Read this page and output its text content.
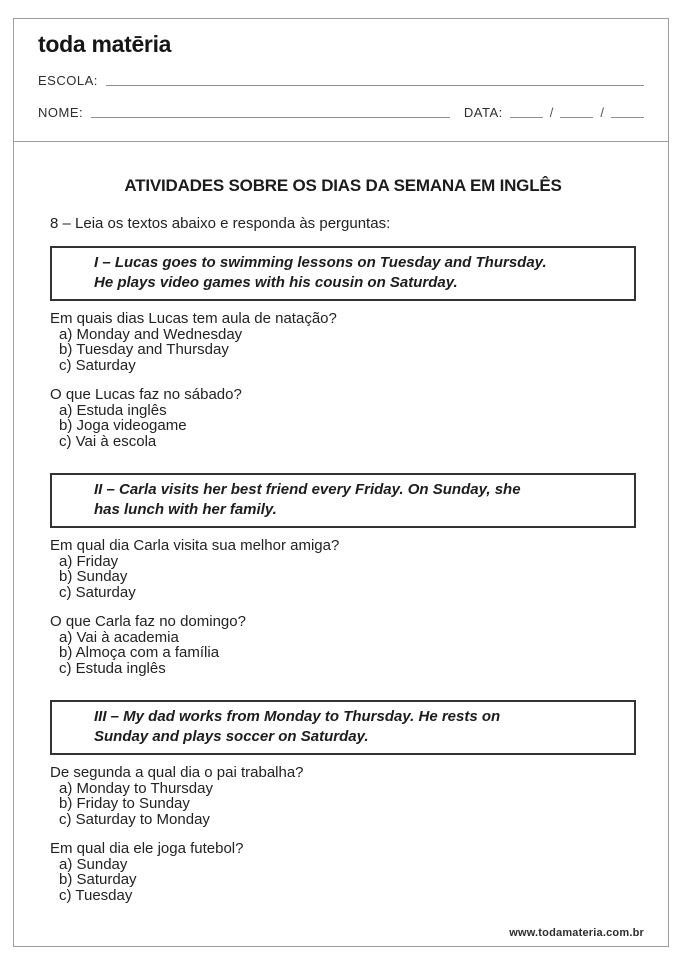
toda matēria
ESCOLA:
NOME:	DATA:	/	/
ATIVIDADES SOBRE OS DIAS DA SEMANA EM INGLÊS
8 – Leia os textos abaixo e responda às perguntas:
I – Lucas goes to swimming lessons on Tuesday and Thursday.
He plays video games with his cousin on Saturday.
Em quais dias Lucas tem aula de natação?
a) Monday and Wednesday
b) Tuesday and Thursday
c) Saturday
O que Lucas faz no sábado?
a) Estuda inglês
b) Joga videogame
c) Vai à escola
II – Carla visits her best friend every Friday. On Sunday, she
has lunch with her family.
Em qual dia Carla visita sua melhor amiga?
a) Friday
b) Sunday
c) Saturday
O que Carla faz no domingo?
a) Vai à academia
b) Almoça com a família
c) Estuda inglês
III – My dad works from Monday to Thursday. He rests on
Sunday and plays soccer on Saturday.
De segunda a qual dia o pai trabalha?
a) Monday to Thursday
b) Friday to Sunday
c) Saturday to Monday
Em qual dia ele joga futebol?
a) Sunday
b) Saturday
c) Tuesday
www.todamateria.com.br
